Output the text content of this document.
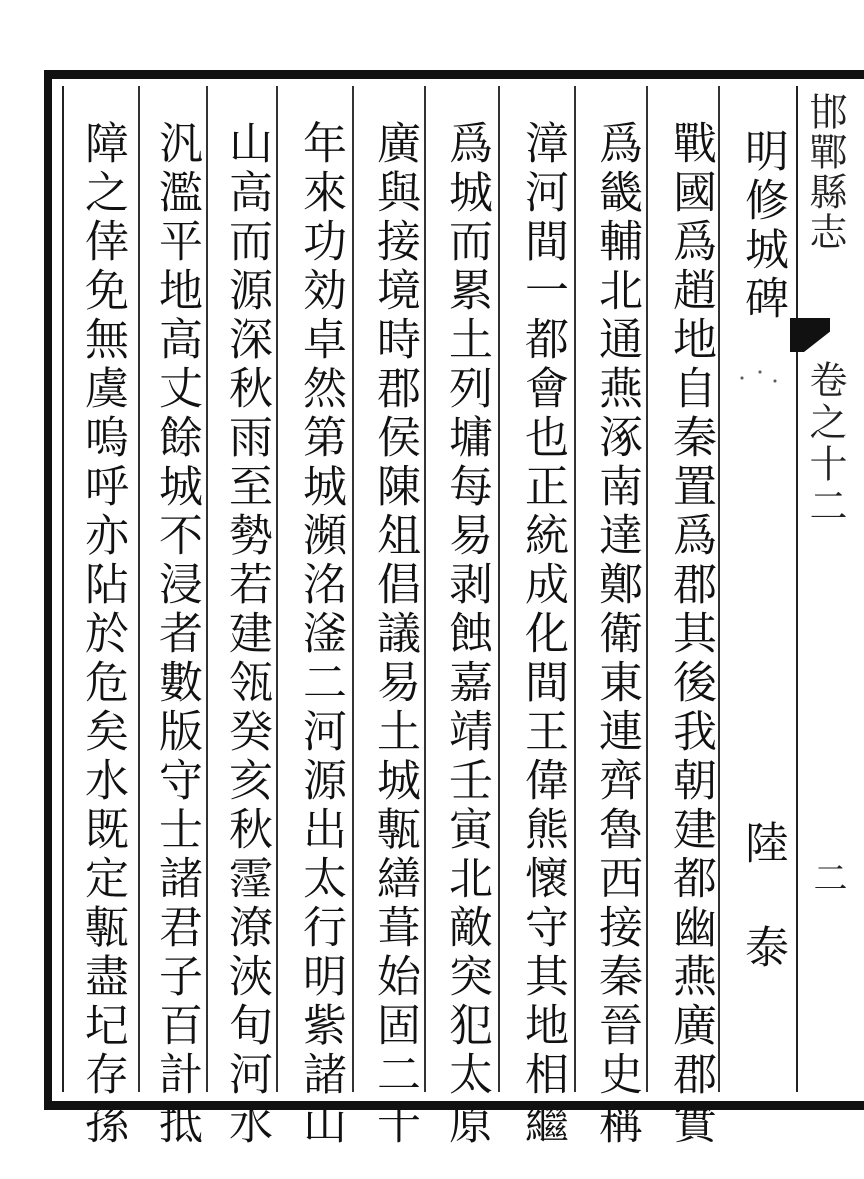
邯鄲縣志
卷之十二
二
明修城碑
陸泰
戰國爲趙地自秦置爲郡其後我朝建都幽燕廣郡實
爲畿輔北通燕涿南達鄭衛東連齊魯西接秦晉史稱
漳河間一都會也正統成化間王偉熊懷守其地相繼
爲城而累土列墉每易剥蝕嘉靖壬寅北敵突犯太原
廣與接境時郡侯陳俎倡議易土城甎繕葺始固二十
年來功効卓然第城瀕洺滏二河源出太行明紫諸山
山高而源深秋雨至勢若建瓴癸亥秋霪潦浹旬河水
汎濫平地高丈餘城不浸者數版守士諸君子百計抵
障之倖免無虞嗚呼亦阽於危矣水既定甎盡圮存孫
